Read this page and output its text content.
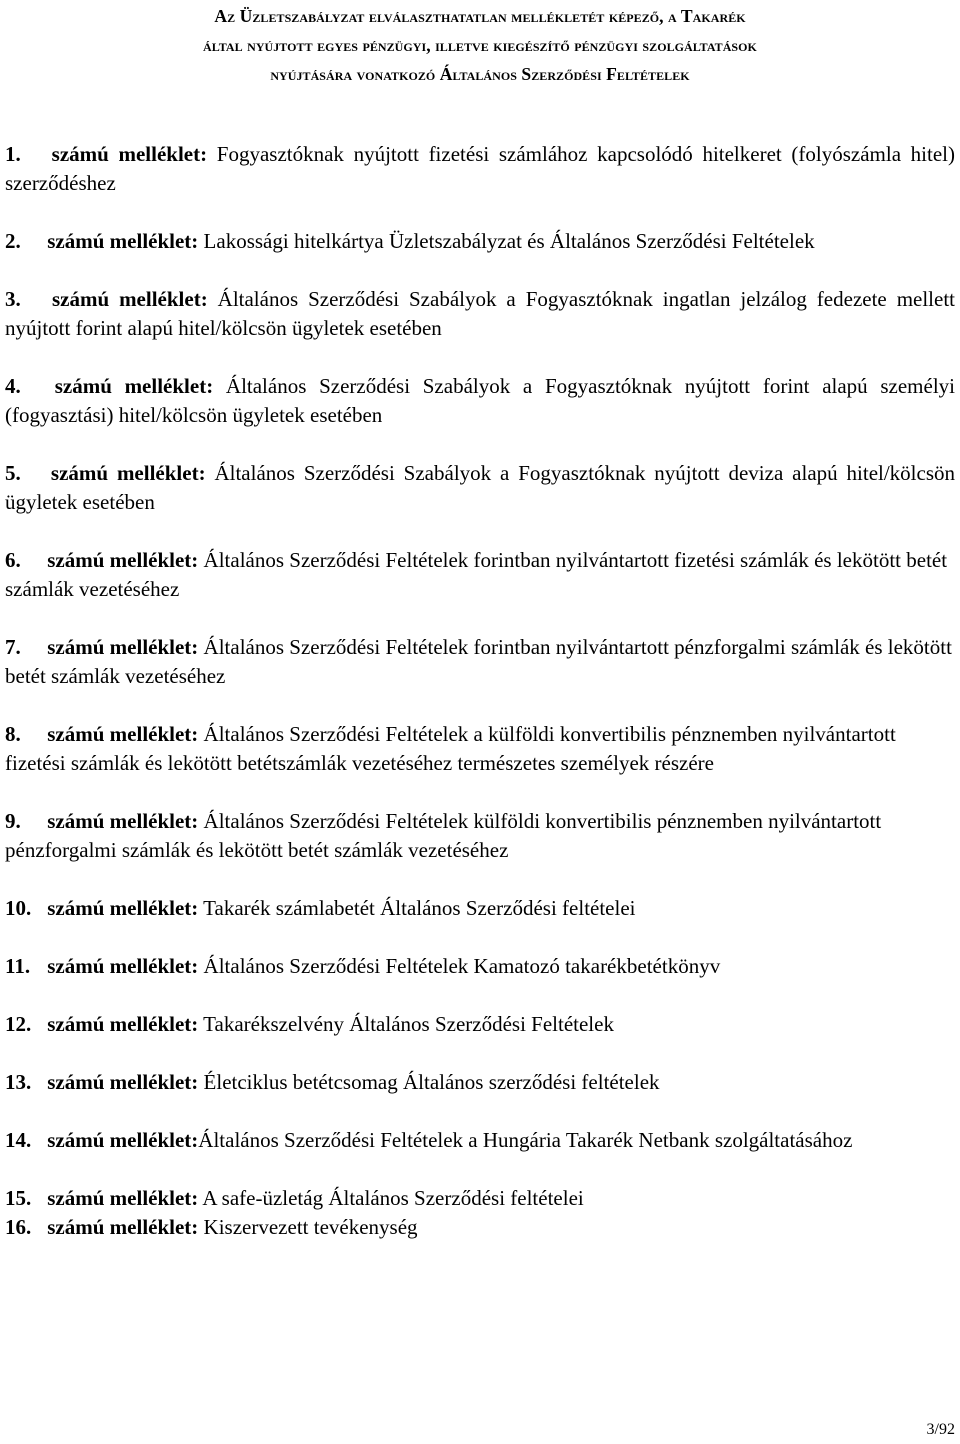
Az Üzletszabályzat elválaszthatatlan mellékletét képező, a Takarék
által nyújtott egyes pénzügyi, illetve kiegészítő pénzügyi szolgáltatások
nyújtására vonatkozó Általános Szerződési Feltételek
1. számú melléklet: Fogyasztóknak nyújtott fizetési számlához kapcsolódó hitelkeret (folyószámla hitel) szerződéshez
2. számú melléklet: Lakossági hitelkártya Üzletszabályzat és Általános Szerződési Feltételek
3. számú melléklet: Általános Szerződési Szabályok a Fogyasztóknak ingatlan jelzálog fedezete mellett nyújtott forint alapú hitel/kölcsön ügyletek esetében
4. számú melléklet: Általános Szerződési Szabályok a Fogyasztóknak nyújtott forint alapú személyi (fogyasztási) hitel/kölcsön ügyletek esetében
5. számú melléklet: Általános Szerződési Szabályok a Fogyasztóknak nyújtott deviza alapú hitel/kölcsön ügyletek esetében
6. számú melléklet: Általános Szerződési Feltételek forintban nyilvántartott fizetési számlák és lekötött betét számlák vezetéséhez
7. számú melléklet: Általános Szerződési Feltételek forintban nyilvántartott pénzforgalmi számlák és lekötött betét számlák vezetéséhez
8. számú melléklet: Általános Szerződési Feltételek a külföldi konvertibilis pénznemben nyilvántartott fizetési számlák és lekötött betétszámlák vezetéséhez természetes személyek részére
9. számú melléklet: Általános Szerződési Feltételek külföldi konvertibilis pénznemben nyilvántartott pénzforgalmi számlák és lekötött betét számlák vezetéséhez
10. számú melléklet: Takarék számlabetét Általános Szerződési feltételei
11. számú melléklet: Általános Szerződési Feltételek Kamatozó takarékbetétkönyv
12. számú melléklet: Takarékszelvény Általános Szerződési Feltételek
13. számú melléklet: Életciklus betétcsomag Általános szerződési feltételek
14. számú melléklet:Általános Szerződési Feltételek a Hungária Takarék Netbank szolgáltatásához
15. számú melléklet: A safe-üzletág Általános Szerződési feltételei
16. számú melléklet: Kiszervezett tevékenység
3/92
